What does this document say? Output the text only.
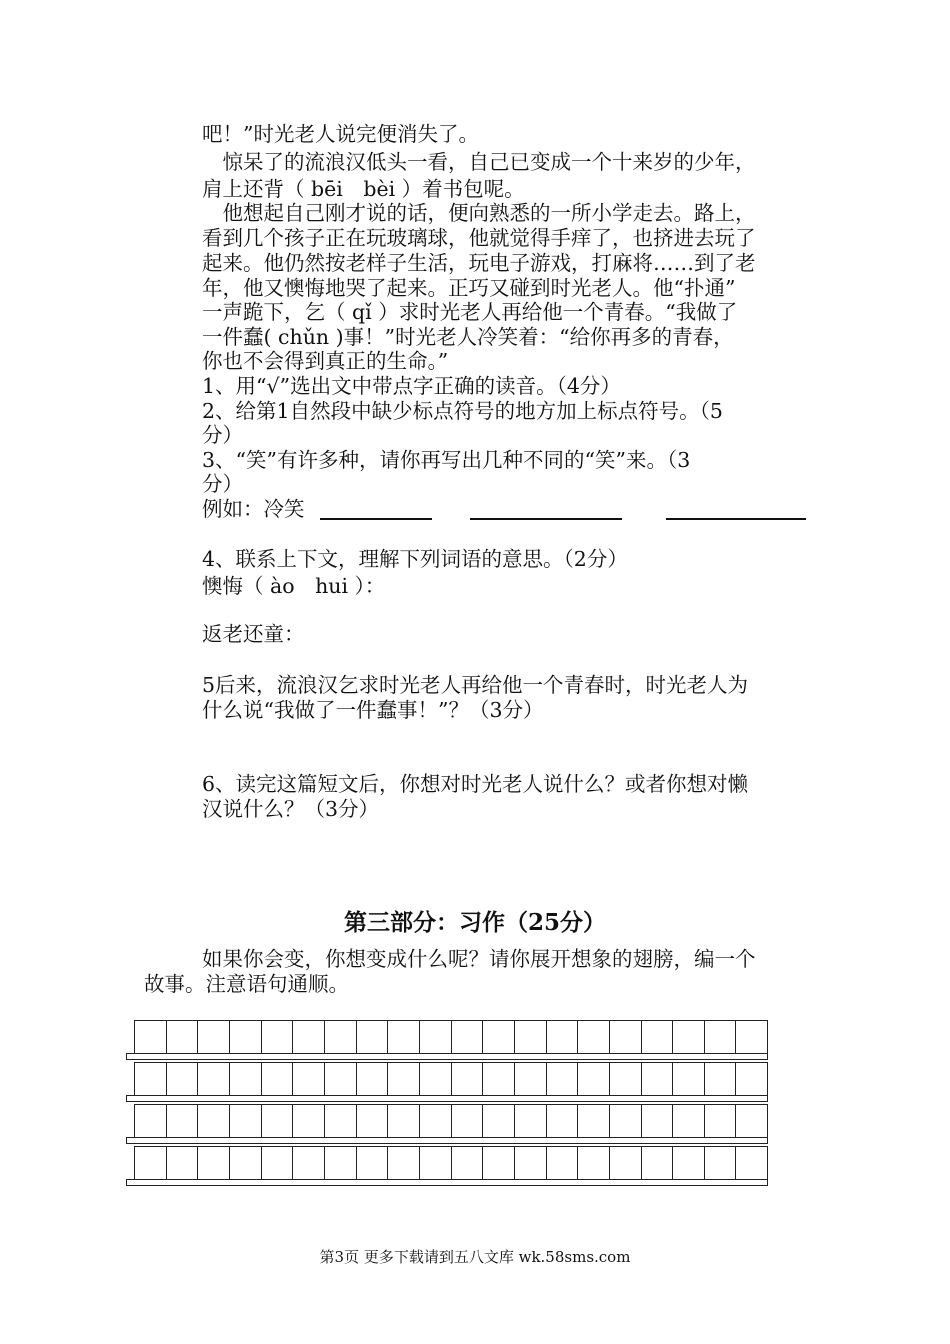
吧！”时光老人说完便消失了。
　惊呆了的流浪汉低头一看，自己已变成一个十来岁的少年，
肩上还背（ bēi　bèi ）着书包呢。
　他想起自己刚才说的话，便向熟悉的一所小学走去。路上，
看到几个孩子正在玩玻璃球，他就觉得手痒了，也挤进去玩了
起来。他仍然按老样子生活，玩电子游戏，打麻将……到了老
年，他又懊悔地哭了起来。正巧又碰到时光老人。他“扑通”
一声跪下，乞（ qǐ ）求时光老人再给他一个青春。“我做了
一件蠢( chǔn )事！”时光老人冷笑着：“给你再多的青春，
你也不会得到真正的生命。”
1、用“√”选出文中带点字正确的读音。（4分）
2、给第1自然段中缺少标点符号的地方加上标点符号。（5
分）
3、“笑”有许多种，请你再写出几种不同的“笑”来。（3
分）
例如：冷笑
4、联系上下文，理解下列词语的意思。（2分）
懊悔（ ào　hui ）：
返老还童：
5后来，流浪汉乞求时光老人再给他一个青春时，时光老人为
什么说“我做了一件蠢事！”？（3分）
6、读完这篇短文后，你想对时光老人说什么？或者你想对懒
汉说什么？（3分）
第三部分：习作（25分）
如果你会变，你想变成什么呢？请你展开想象的翅膀，编一个
故事。注意语句通顺。
第3页 更多下载请到五八文库 wk.58sms.com
